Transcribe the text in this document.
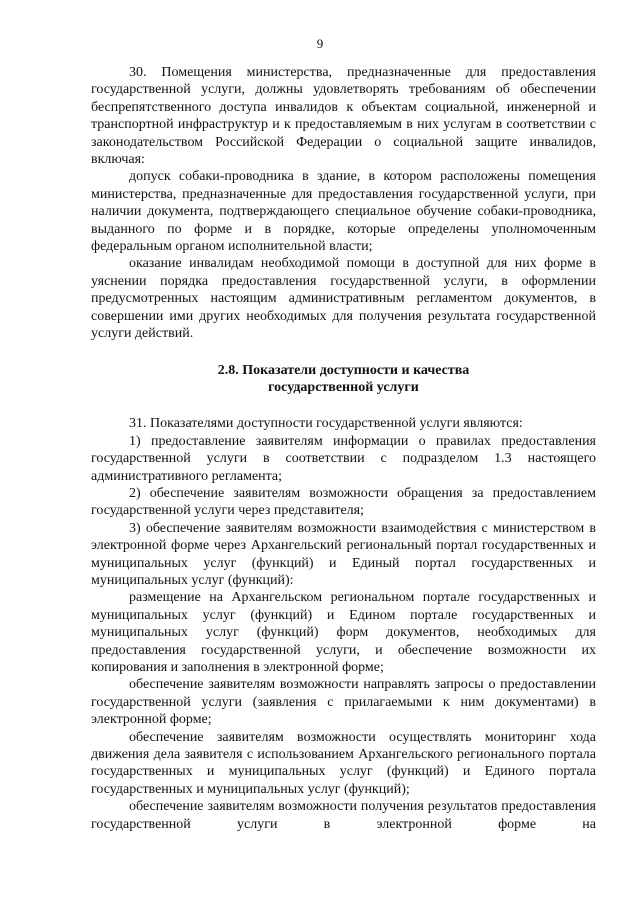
9

30. Помещения министерства, предназначенные для предоставления государственной услуги, должны удовлетворять требованиям об обеспечении беспрепятственного доступа инвалидов к объектам социальной, инженерной и транспортной инфраструктур и к предоставляемым в них услугам в соответствии с законодательством Российской Федерации о социальной защите инвалидов, включая:

допуск собаки-проводника в здание, в котором расположены помещения министерства, предназначенные для предоставления государственной услуги, при наличии документа, подтверждающего специальное обучение собаки-проводника, выданного по форме и в порядке, которые определены уполномоченным федеральным органом исполнительной власти;

оказание инвалидам необходимой помощи в доступной для них форме в уяснении порядка предоставления государственной услуги, в оформлении предусмотренных настоящим административным регламентом документов, в совершении ими других необходимых для получения результата государственной услуги действий.

2.8. Показатели доступности и качества

государственной услуги

31. Показателями доступности государственной услуги являются:

1) предоставление заявителям информации о правилах предоставления государственной услуги в соответствии с подразделом 1.3 настоящего административного регламента;

2) обеспечение заявителям возможности обращения за предоставлением государственной услуги через представителя;

3) обеспечение заявителям возможности взаимодействия с министерством в электронной форме через Архангельский региональный портал государственных и муниципальных услуг (функций) и Единый портал государственных и муниципальных услуг (функций):

размещение на Архангельском региональном портале государственных и муниципальных услуг (функций) и Едином портале государственных и муниципальных услуг (функций) форм документов, необходимых для предоставления государственной услуги, и обеспечение возможности их копирования и заполнения в электронной форме;

обеспечение заявителям возможности направлять запросы о предоставлении государственной услуги (заявления с прилагаемыми к ним документами) в электронной форме;

обеспечение заявителям возможности осуществлять мониторинг хода движения дела заявителя с использованием Архангельского регионального портала государственных и муниципальных услуг (функций) и Единого портала государственных и муниципальных услуг (функций);

обеспечение заявителям возможности получения результатов предоставления государственной услуги в электронной форме на
